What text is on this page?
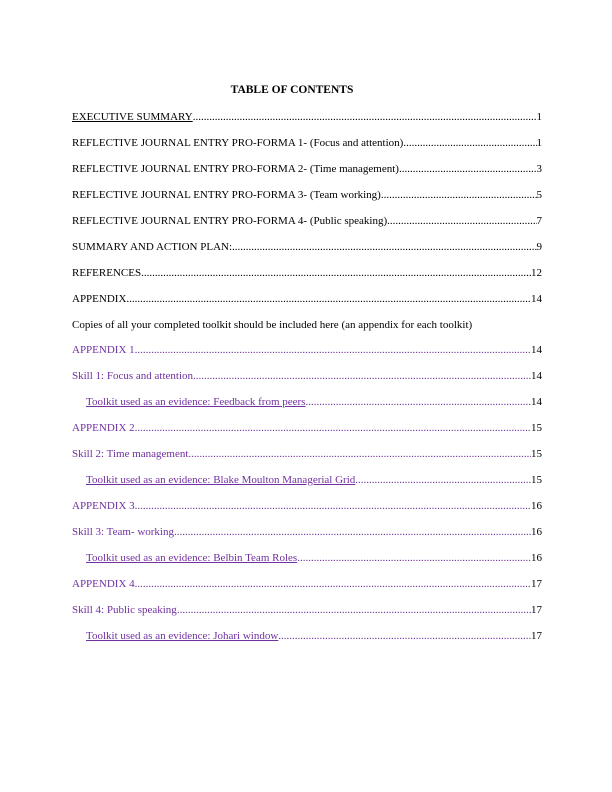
TABLE OF CONTENTS
EXECUTIVE SUMMARY .....	1
REFLECTIVE JOURNAL ENTRY PRO-FORMA 1- (Focus and attention) .....	1
REFLECTIVE JOURNAL ENTRY PRO-FORMA 2- (Time management) .....	3
REFLECTIVE JOURNAL ENTRY PRO-FORMA 3- (Team working) .....	5
REFLECTIVE JOURNAL ENTRY PRO-FORMA 4- (Public speaking) .....	7
SUMMARY AND ACTION PLAN: .....	9
REFERENCES .....	12
APPENDIX .....	14
Copies of all your completed toolkit should be included here (an appendix for each toolkit)
APPENDIX 1 .....	14
Skill 1: Focus and attention .....	14
Toolkit used as an evidence: Feedback from peers .....	14
APPENDIX 2 .....	15
Skill 2: Time management .....	15
Toolkit used as an evidence: Blake Moulton Managerial Grid .....	15
APPENDIX 3 .....	16
Skill 3: Team- working .....	16
Toolkit used as an evidence: Belbin Team Roles .....	16
APPENDIX 4 .....	17
Skill 4: Public speaking .....	17
Toolkit used as an evidence: Johari window .....	17
